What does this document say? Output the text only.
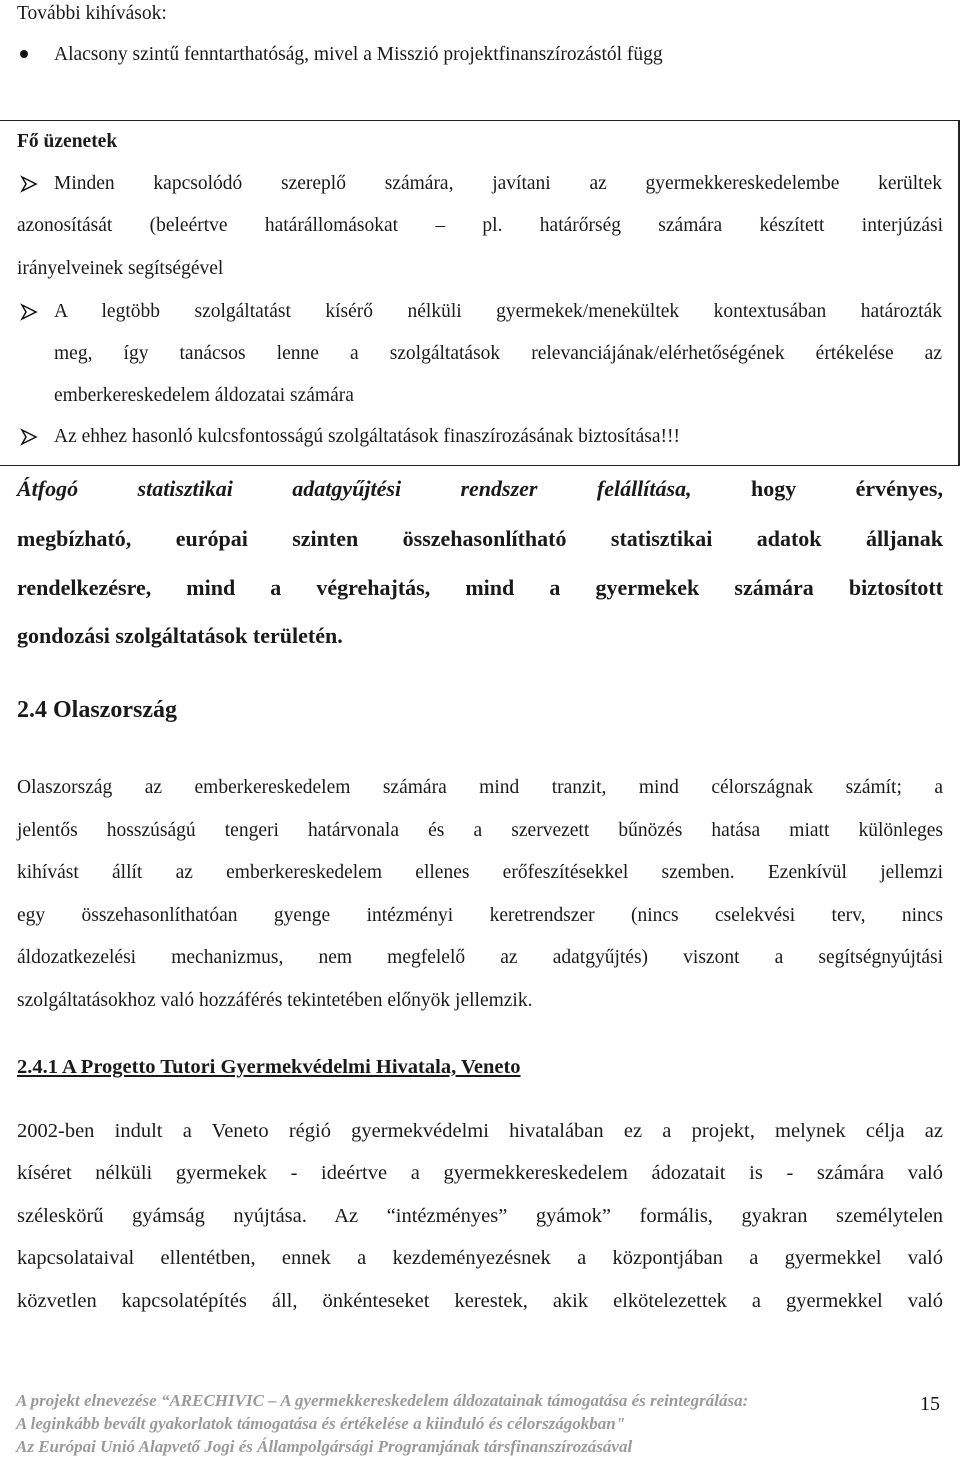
További kihívások:
Alacsony szintű fenntarthatóság, mivel a Misszió projektfinanszírozástól függ
Fő üzenetek
Minden kapcsolódó szereplő számára, javítani az gyermekkereskedelembe kerültek
azonosítását (beleértve határállomásokat – pl. határőrség számára készített interjúzási
irányelveinek segítségével
A legtöbb szolgáltatást kísérő nélküli gyermekek/menekültek kontextusában határozták
meg, így tanácsos lenne a szolgáltatások relevanciájának/elérhetőségének értékelése az
emberkereskedelem áldozatai számára
Az ehhez hasonló kulcsfontosságú szolgáltatások finaszírozásának biztosítása!!!
Átfogó statisztikai adatgyűjtési rendszer felállítása,	hogy érvényes,
megbízható, európai szinten összehasonlítható statisztikai adatok álljanak
rendelkezésre, mind a végrehajtás, mind a gyermekek számára biztosított
gondozási szolgáltatások területén.
2.4 Olaszország
Olaszország az emberkereskedelem számára mind tranzit, mind célországnak számít; a
jelentős hosszúságú tengeri határvonala és a szervezett bűnözés hatása miatt különleges
kihívást állít az emberkereskedelem ellenes erőfeszítésekkel szemben. Ezenkívül jellemzi
egy összehasonlíthatóan gyenge intézményi keretrendszer (nincs cselekvési terv, nincs
áldozatkezelési mechanizmus, nem megfelelő az adatgyűjtés) viszont a segítségnyújtási
szolgáltatásokhoz való hozzáférés tekintetében előnyök jellemzik.
2.4.1 A Progetto Tutori Gyermekvédelmi Hivatala, Veneto
2002-ben indult a Veneto régió gyermekvédelmi hivatalában ez a projekt, melynek célja az
kíséret nélküli gyermekek - ideértve a gyermekkereskedelem ádozatait is - számára való
széleskörű gyámság nyújtása. Az “intézményes” gyámok” formális, gyakran személytelen
kapcsolataival ellentétben, ennek a kezdeményezésnek a központjában a gyermekkel való
közvetlen kapcsolatépítés áll, önkénteseket kerestek, akik elkötelezettek a gyermekkel való
A projekt elnevezése “ARECHIVIC – A gyermekkereskedelem áldozatainak támogatása és reintegrálása:
A leginkább bevált gyakorlatok támogatása és értékelése a kiinduló és célországokban"
Az Európai Unió Alapvető Jogi és Állampolgársági Programjának társfinanszírozásával
15
